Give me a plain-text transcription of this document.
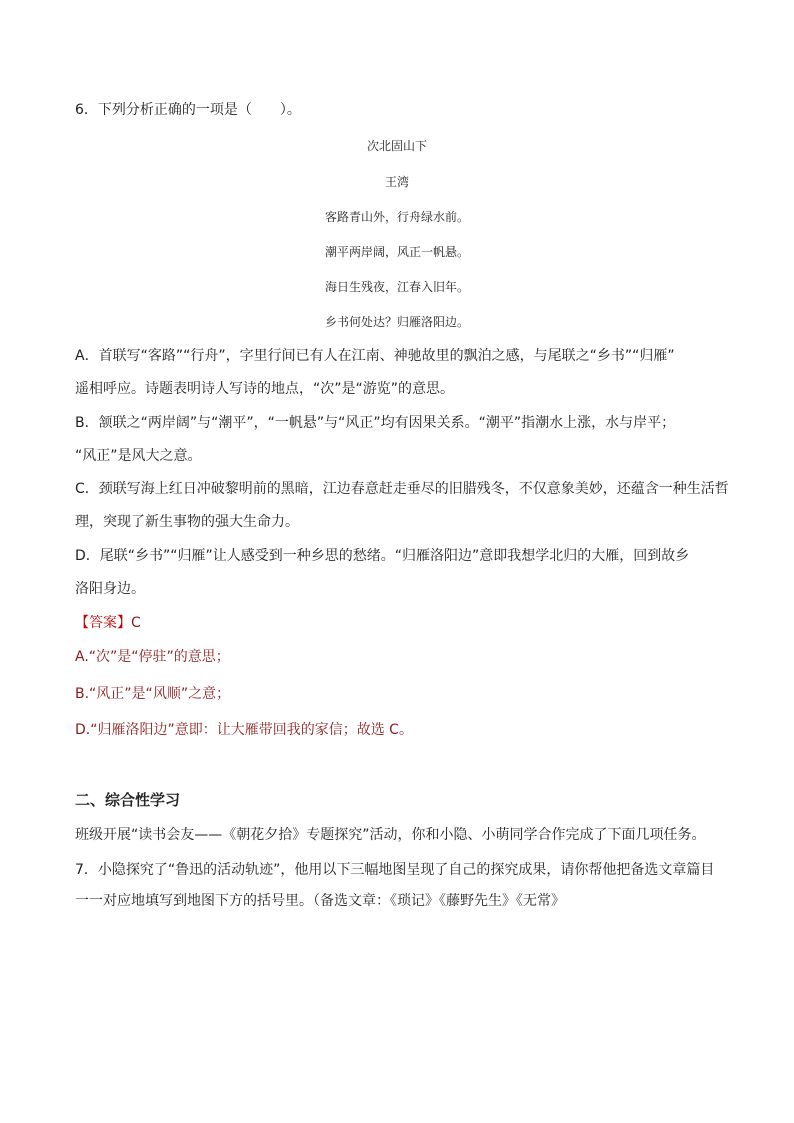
6．下列分析正确的一项是（　　）。
次北固山下
王湾
客路青山外，行舟绿水前。
潮平两岸阔，风正一帆悬。
海日生残夜，江春入旧年。
乡书何处达？归雁洛阳边。
A．首联写“客路”“行舟”，字里行间已有人在江南、神驰故里的飘泊之感，与尾联之“乡书”“归雁”
遥相呼应。诗题表明诗人写诗的地点，“次”是“游览”的意思。
B．颔联之“两岸阔”与“潮平”，“一帆悬”与“风正”均有因果关系。“潮平”指潮水上涨，水与岸平；
“风正”是风大之意。
C．颈联写海上红日冲破黎明前的黑暗，江边春意赶走垂尽的旧腊残冬，不仅意象美妙，还蕴含一种生活哲
理，突现了新生事物的强大生命力。
D．尾联“乡书”“归雁”让人感受到一种乡思的愁绪。“归雁洛阳边”意即我想学北归的大雁，回到故乡
洛阳身边。
【答案】C
A.“次”是“停驻”的意思；
B.“风正”是“风顺”之意；
D.“归雁洛阳边”意即：让大雁带回我的家信；故选 C。
二、综合性学习
班级开展“读书会友——《朝花夕拾》专题探究”活动，你和小隐、小萌同学合作完成了下面几项任务。
7．小隐探究了“鲁迅的活动轨迹”，他用以下三幅地图呈现了自己的探究成果，请你帮他把备选文章篇目
一一对应地填写到地图下方的括号里。（备选文章：《琐记》《藤野先生》《无常》
